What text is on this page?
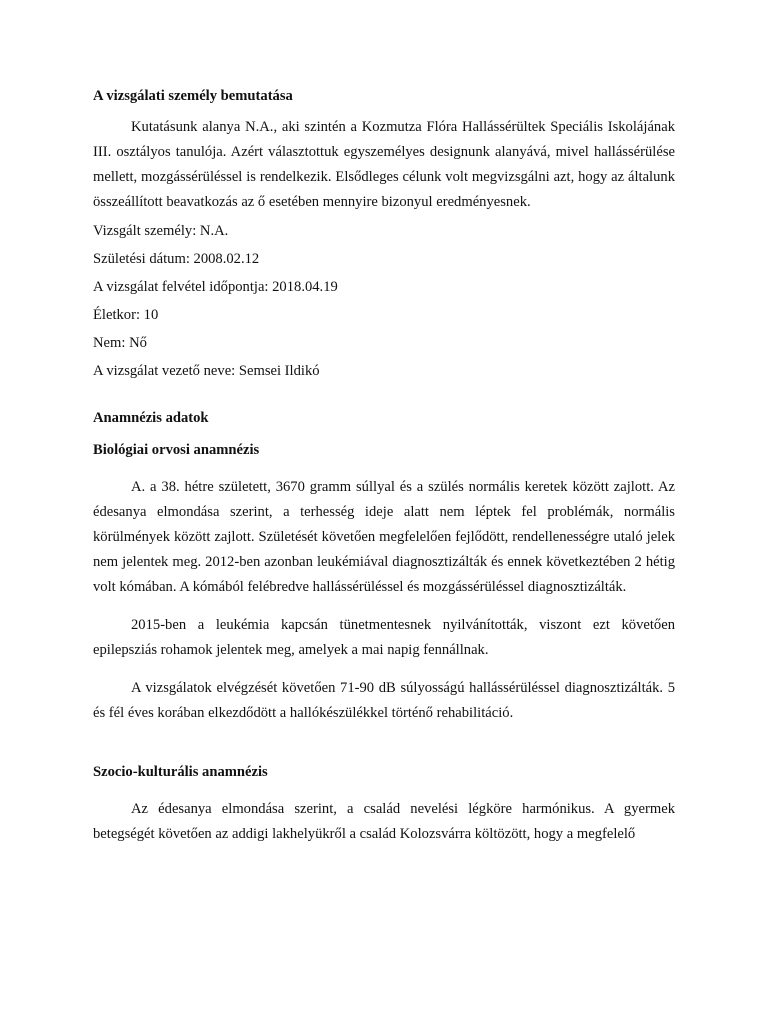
A vizsgálati személy bemutatása

Kutatásunk alanya N.A., aki szintén a Kozmutza Flóra Hallássérültek Speciális Iskolájának III. osztályos tanulója. Azért választottuk egyszemélyes designunk alanyává, mivel hallássérülése mellett, mozgássérüléssel is rendelkezik. Elsődleges célunk volt megvizsgálni azt, hogy az általunk összeállított beavatkozás az ő esetében mennyire bizonyul eredményesnek.

Vizsgált személy: N.A.
Születési dátum: 2008.02.12
A vizsgálat felvétel időpontja: 2018.04.19
Életkor: 10
Nem: Nő
A vizsgálat vezető neve: Semsei Ildikó
Anamnézis adatok
Biológiai orvosi anamnézis

A. a 38. hétre született, 3670 gramm súllyal és a szülés normális keretek között zajlott. Az édesanya elmondása szerint, a terhesség ideje alatt nem léptek fel problémák, normális körülmények között zajlott. Születését követően megfelelően fejlődött, rendellenességre utaló jelek nem jelentek meg. 2012-ben azonban leukémiával diagnosztizálták és ennek következtében 2 hétig volt kómában. A kómából felébredve hallássérüléssel és mozgássérüléssel diagnosztizálták.

2015-ben a leukémia kapcsán tünetmentesnek nyilvánították, viszont ezt követően epilepsziás rohamok jelentek meg, amelyek a mai napig fennállnak.

A vizsgálatok elvégzését követően 71-90 dB súlyosságú hallássérüléssel diagnosztizálták. 5 és fél éves korában elkezdődött a hallókészülékkel történő rehabilitáció.

Szocio-kulturális anamnézis

Az édesanya elmondása szerint, a család nevelési légköre harmónikus. A gyermek betegségét követően az addigi lakhelyükről a család Kolozsvárra költözött, hogy a megfelelő
